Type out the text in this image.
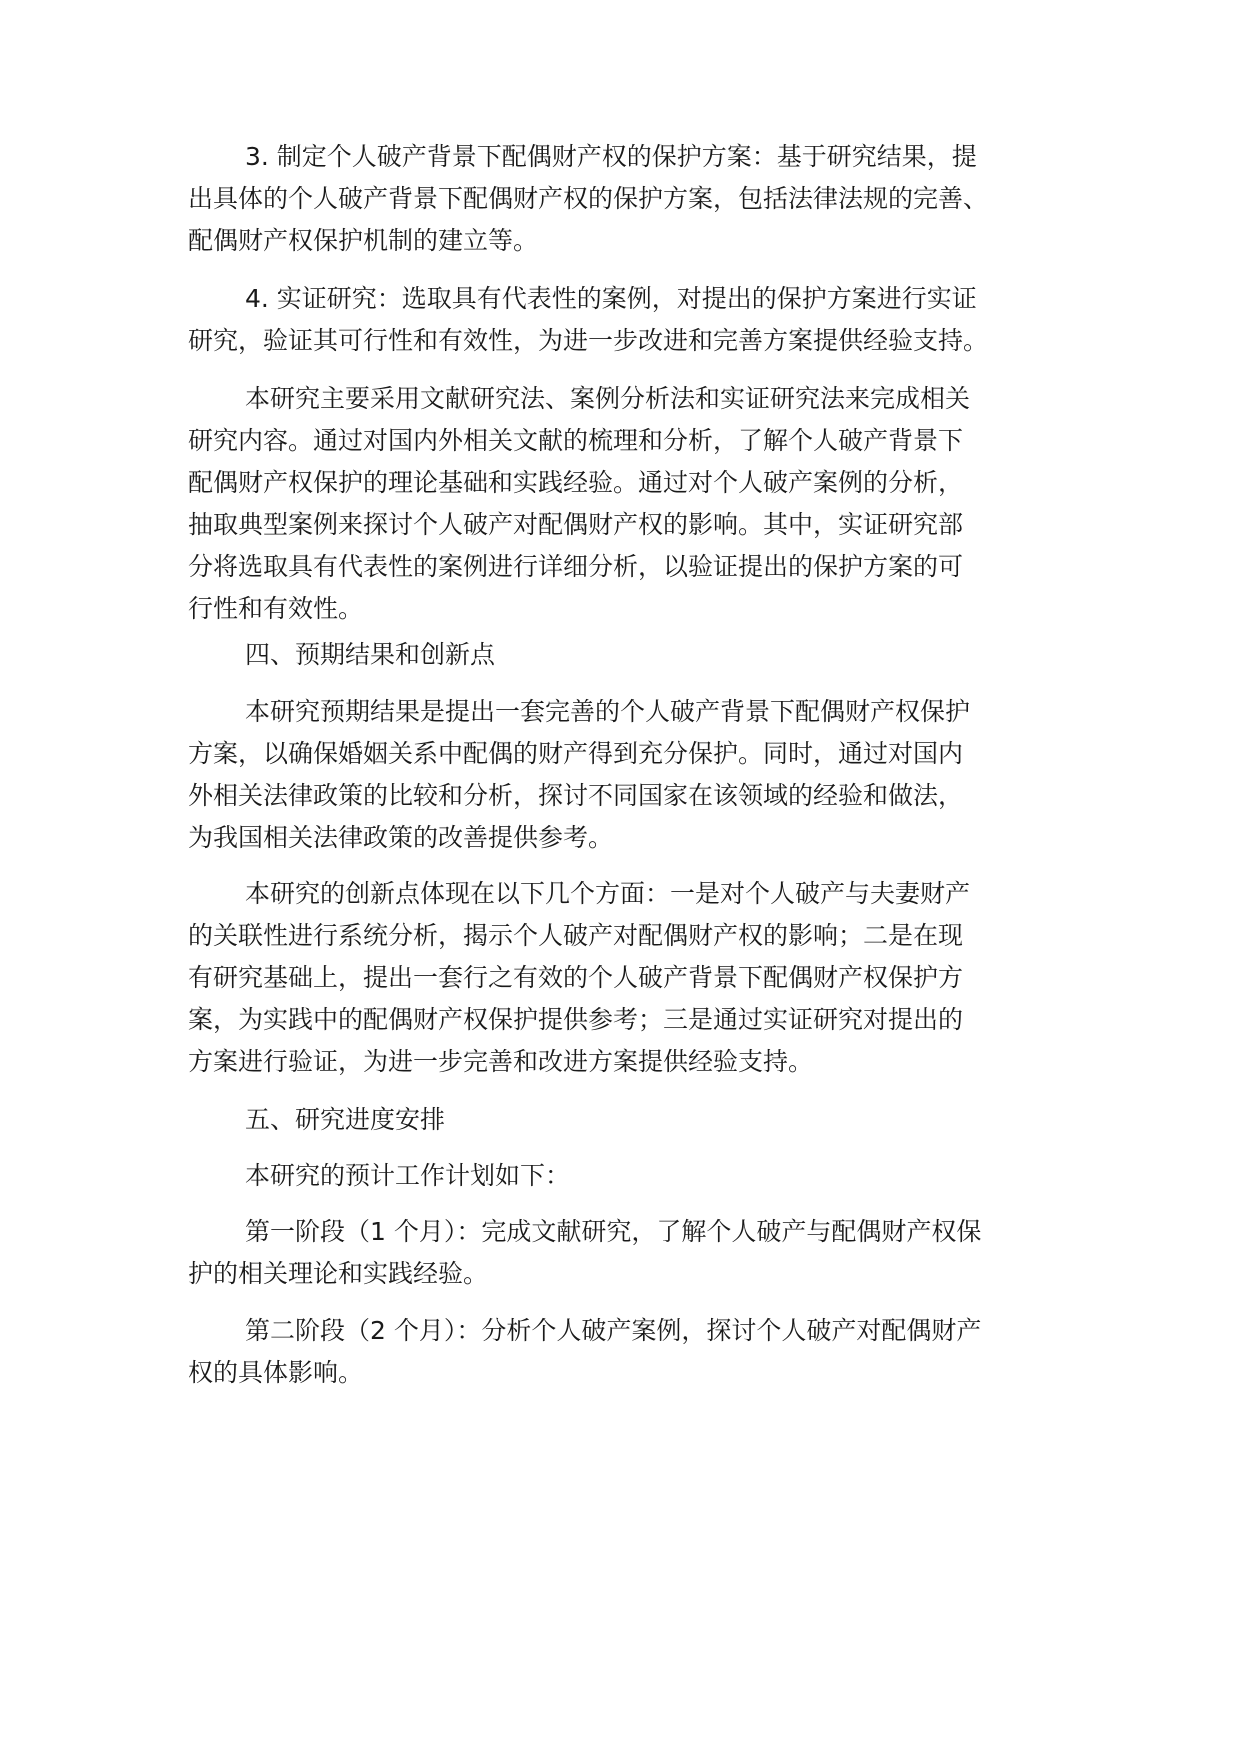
3. 制定个人破产背景下配偶财产权的保护方案：基于研究结果，提
出具体的个人破产背景下配偶财产权的保护方案，包括法律法规的完善、
配偶财产权保护机制的建立等。
4. 实证研究：选取具有代表性的案例，对提出的保护方案进行实证
研究，验证其可行性和有效性，为进一步改进和完善方案提供经验支持。
本研究主要采用文献研究法、案例分析法和实证研究法来完成相关
研究内容。通过对国内外相关文献的梳理和分析，了解个人破产背景下
配偶财产权保护的理论基础和实践经验。通过对个人破产案例的分析，
抽取典型案例来探讨个人破产对配偶财产权的影响。其中，实证研究部
分将选取具有代表性的案例进行详细分析，以验证提出的保护方案的可
行性和有效性。
四、预期结果和创新点
本研究预期结果是提出一套完善的个人破产背景下配偶财产权保护
方案，以确保婚姻关系中配偶的财产得到充分保护。同时，通过对国内
外相关法律政策的比较和分析，探讨不同国家在该领域的经验和做法，
为我国相关法律政策的改善提供参考。
本研究的创新点体现在以下几个方面：一是对个人破产与夫妻财产
的关联性进行系统分析，揭示个人破产对配偶财产权的影响；二是在现
有研究基础上，提出一套行之有效的个人破产背景下配偶财产权保护方
案，为实践中的配偶财产权保护提供参考；三是通过实证研究对提出的
方案进行验证，为进一步完善和改进方案提供经验支持。
五、研究进度安排
本研究的预计工作计划如下：
第一阶段（1 个月）：完成文献研究，了解个人破产与配偶财产权保
护的相关理论和实践经验。
第二阶段（2 个月）：分析个人破产案例，探讨个人破产对配偶财产
权的具体影响。
